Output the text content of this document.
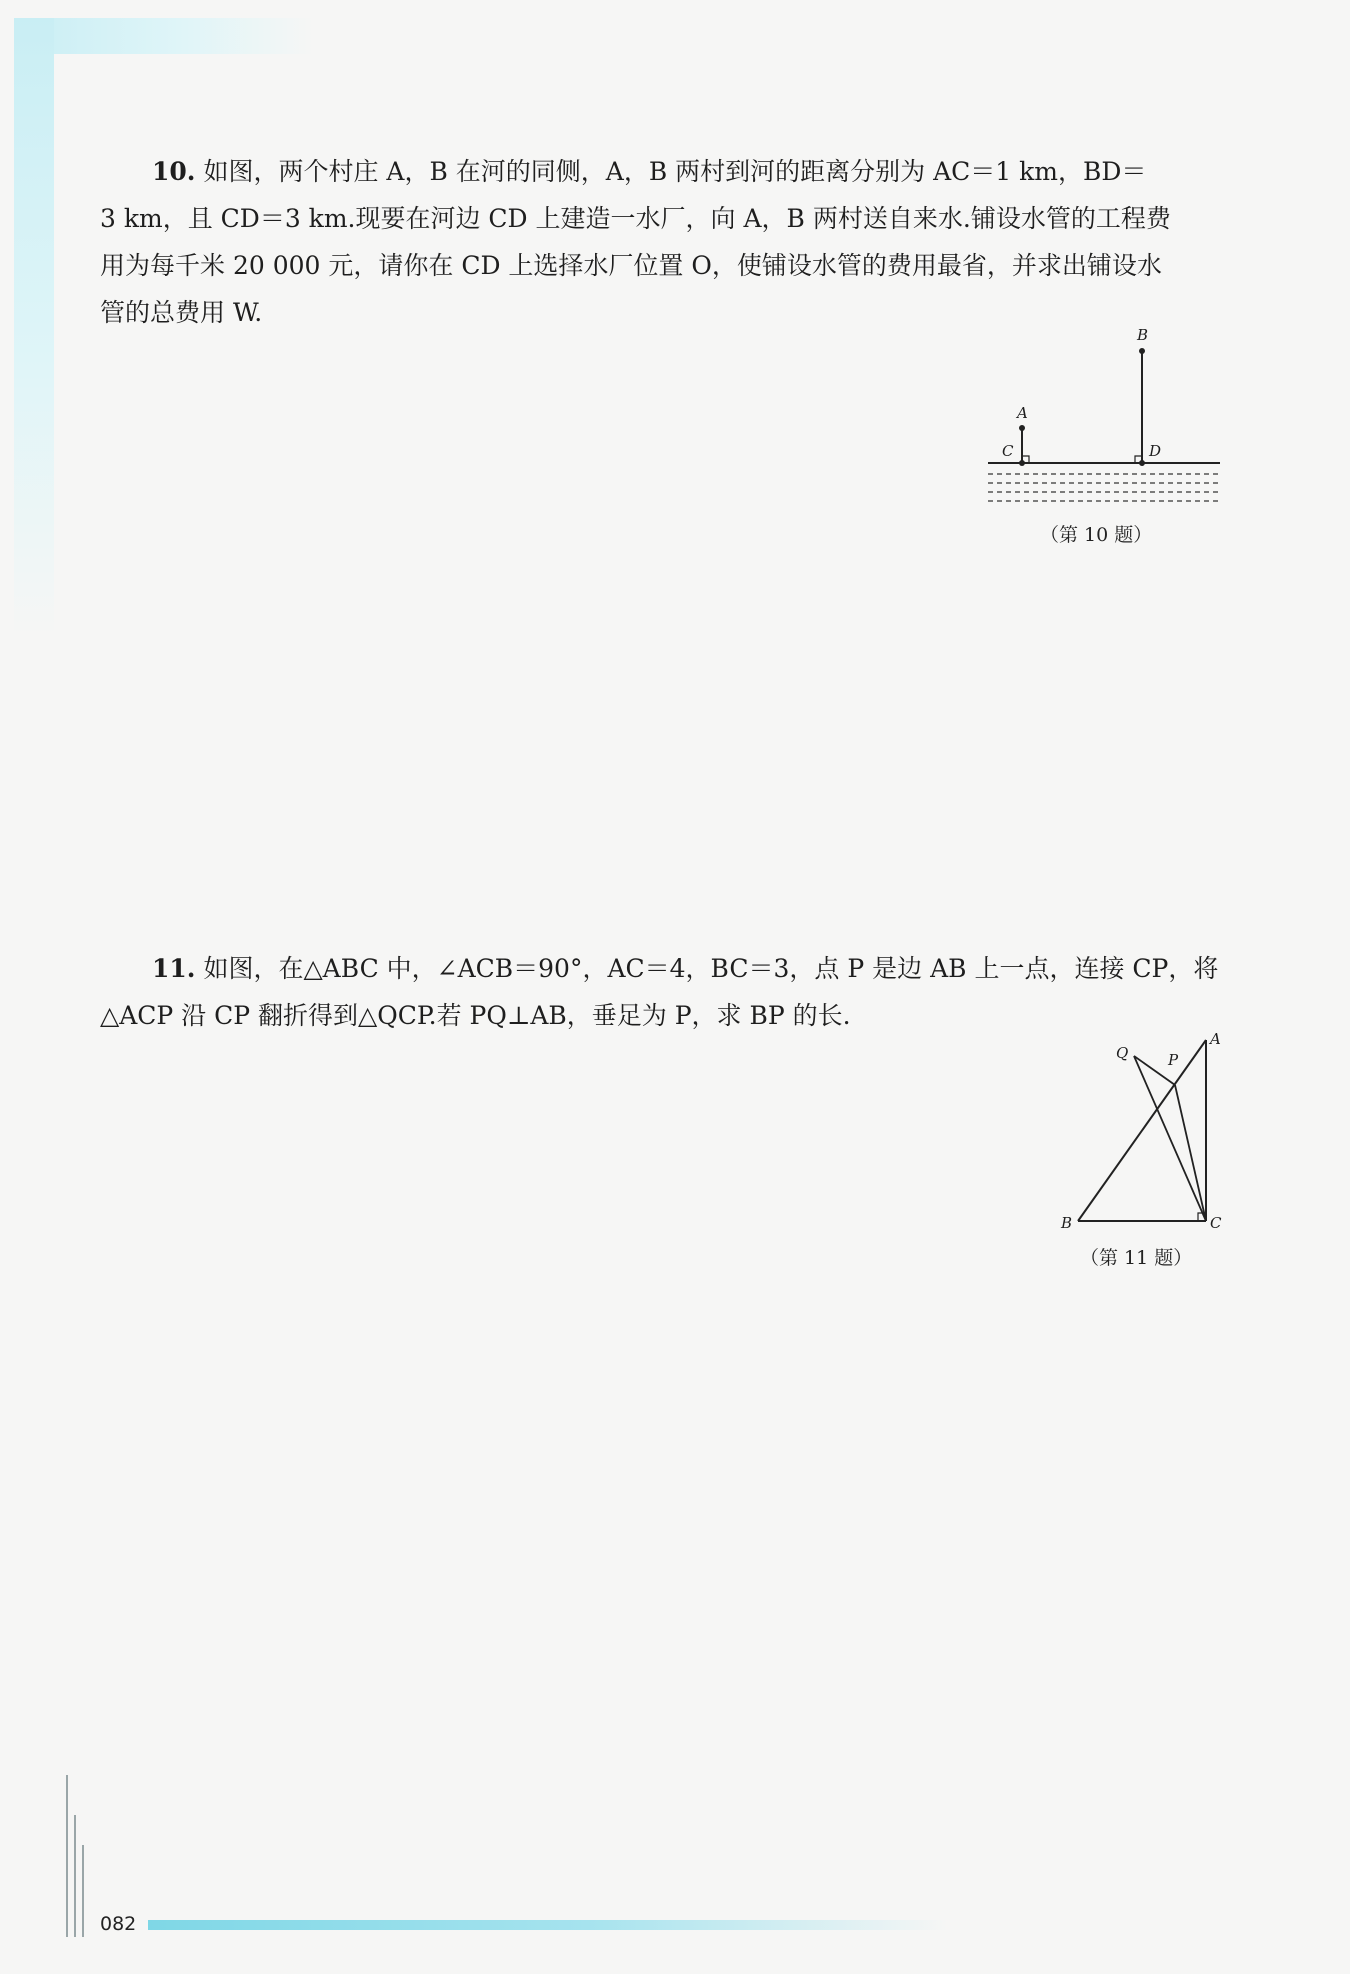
10. 如图，两个村庄 A，B 在河的同侧，A，B 两村到河的距离分别为 AC＝1 km，BD＝
3 km，且 CD＝3 km.现要在河边 CD 上建造一水厂，向 A，B 两村送自来水.铺设水管的工程费
用为每千米 20 000 元，请你在 CD 上选择水厂位置 O，使铺设水管的费用最省，并求出铺设水
管的总费用 W.

A
B
C	D
（第 10 题）

11. 如图，在△ABC 中，∠ACB＝90°，AC＝4，BC＝3，点 P 是边 AB 上一点，连接 CP，将
△ACP 沿 CP 翻折得到△QCP.若 PQ⊥AB，垂足为 P，求 BP 的长.

Q	P
A
B	C
（第 11 题）
082
